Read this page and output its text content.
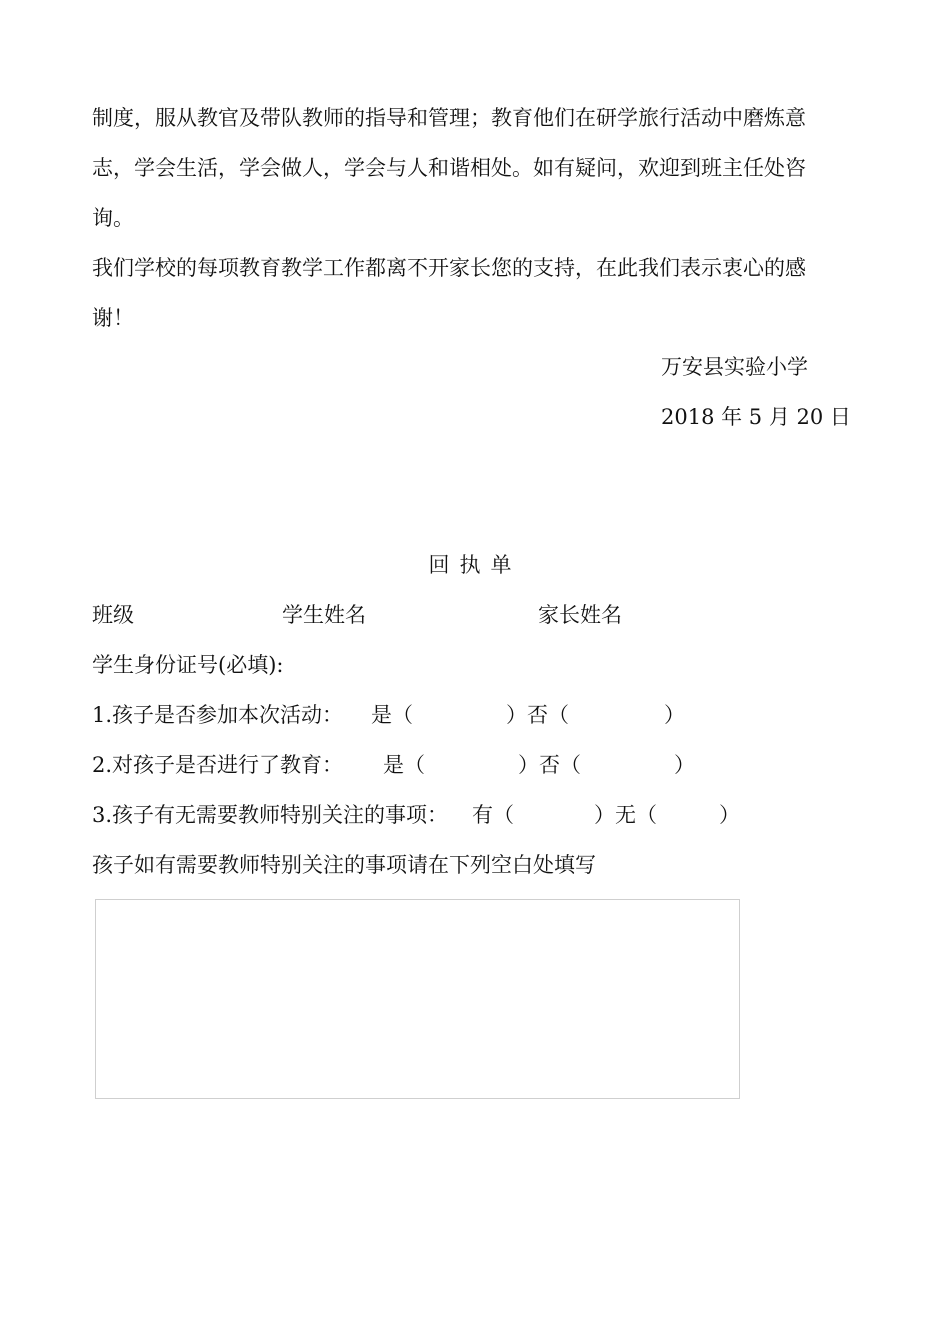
制度，服从教官及带队教师的指导和管理；教育他们在研学旅行活动中磨炼意
志，学会生活，学会做人，学会与人和谐相处。如有疑问，欢迎到班主任处咨
询。
我们学校的每项教育教学工作都离不开家长您的支持，在此我们表示衷心的感
谢！
万安县实验小学
2018 年 5 月 20 日
回执单
班级	学生姓名	家长姓名
学生身份证号(必填):
1.孩子是否参加本次活动： 是（	）否（	）
2.对孩子是否进行了教育： 是（	）否（	）
3.孩子有无需要教师特别关注的事项： 有（	）无（	）
孩子如有需要教师特别关注的事项请在下列空白处填写
